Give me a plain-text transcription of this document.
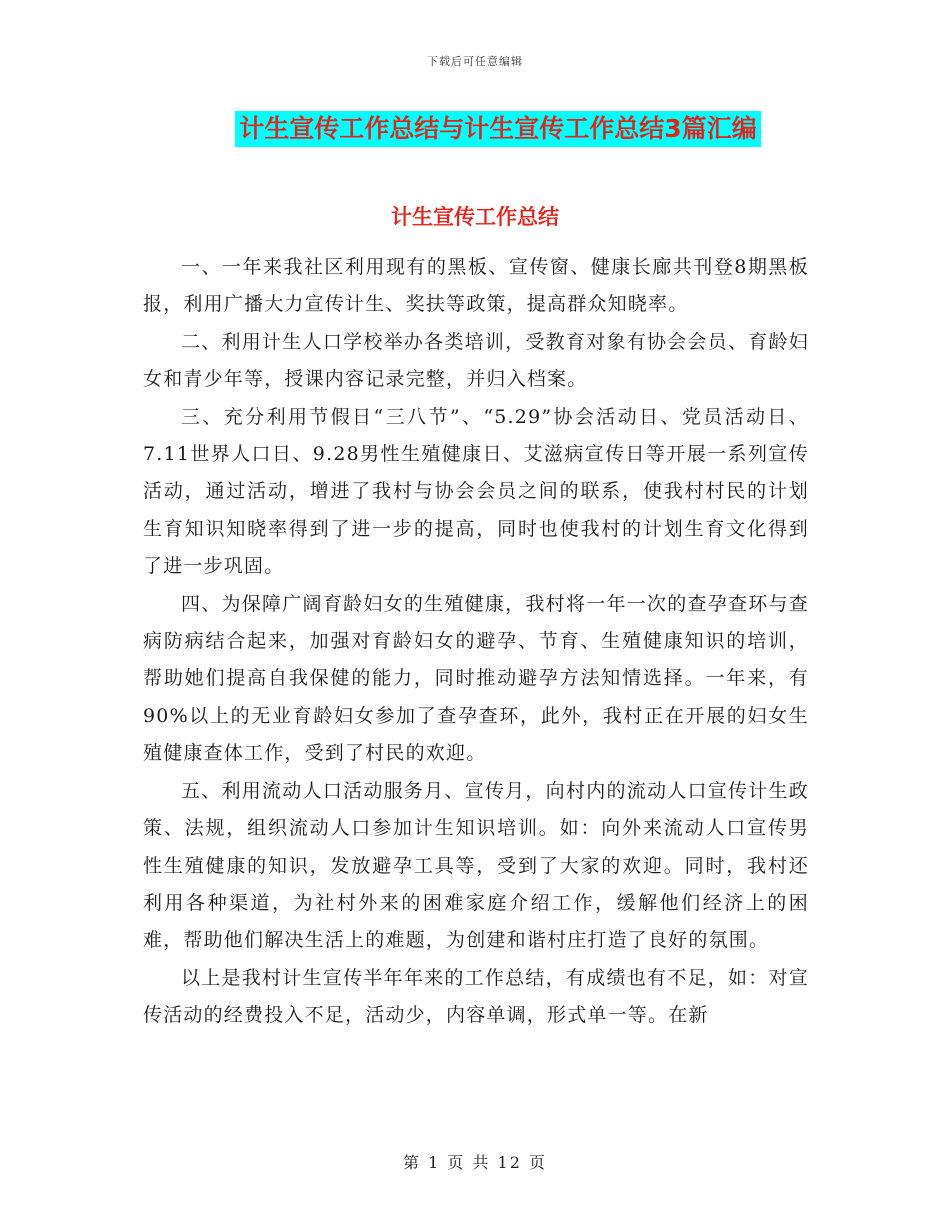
下载后可任意编辑
计生宣传工作总结与计生宣传工作总结3篇汇编
计生宣传工作总结

一、一年来我社区利用现有的黑板、宣传窗、健康长廊共刊登8期黑板报，利用广播大力宣传计生、奖扶等政策，提高群众知晓率。

二、利用计生人口学校举办各类培训，受教育对象有协会会员、育龄妇女和青少年等，授课内容记录完整，并归入档案。

三、充分利用节假日“三八节”、“5.29”协会活动日、党员活动日、7.11世界人口日、9.28男性生殖健康日、艾滋病宣传日等开展一系列宣传活动，通过活动，增进了我村与协会会员之间的联系，使我村村民的计划生育知识知晓率得到了进一步的提高，同时也使我村的计划生育文化得到了进一步巩固。

四、为保障广阔育龄妇女的生殖健康，我村将一年一次的查孕查环与查病防病结合起来，加强对育龄妇女的避孕、节育、生殖健康知识的培训，帮助她们提高自我保健的能力，同时推动避孕方法知情选择。一年来，有90%以上的无业育龄妇女参加了查孕查环，此外，我村正在开展的妇女生殖健康查体工作，受到了村民的欢迎。

五、利用流动人口活动服务月、宣传月，向村内的流动人口宣传计生政策、法规，组织流动人口参加计生知识培训。如：向外来流动人口宣传男性生殖健康的知识，发放避孕工具等，受到了大家的欢迎。同时，我村还利用各种渠道，为社村外来的困难家庭介绍工作，缓解他们经济上的困难，帮助他们解决生活上的难题，为创建和谐村庄打造了良好的氛围。

以上是我村计生宣传半年年来的工作总结，有成绩也有不足，如：对宣传活动的经费投入不足，活动少，内容单调，形式单一等。在新

第 1 页 共 12 页
